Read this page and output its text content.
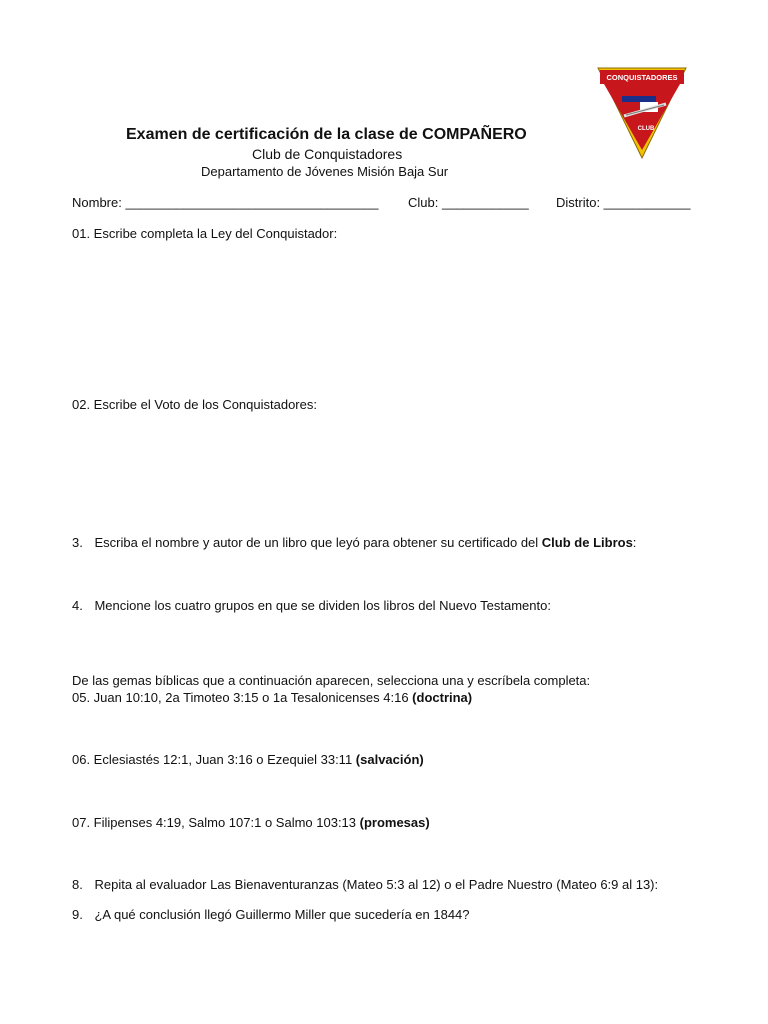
CONQUISTADORES
CLUB
Examen de certificación de la clase de COMPAÑERO
Club de Conquistadores
Departamento de Jóvenes Misión Baja Sur
Nombre: ___________________________________ Club: ____________ Distrito: ____________
01. Escribe completa la Ley del Conquistador:
02. Escribe el Voto de los Conquistadores:
3. Escriba el nombre y autor de un libro que leyó para obtener su certificado del Club de Libros:
4. Mencione los cuatro grupos en que se dividen los libros del Nuevo Testamento:
De las gemas bíblicas que a continuación aparecen, selecciona una y escríbela completa:
05. Juan 10:10, 2a Timoteo 3:15 o 1a Tesalonicenses 4:16 (doctrina)
06. Eclesiastés 12:1, Juan 3:16 o Ezequiel 33:11 (salvación)
07. Filipenses 4:19, Salmo 107:1 o Salmo 103:13 (promesas)
8. Repita al evaluador Las Bienaventuranzas (Mateo 5:3 al 12) o el Padre Nuestro (Mateo 6:9 al 13):
9. ¿A qué conclusión llegó Guillermo Miller que sucedería en 1844?
